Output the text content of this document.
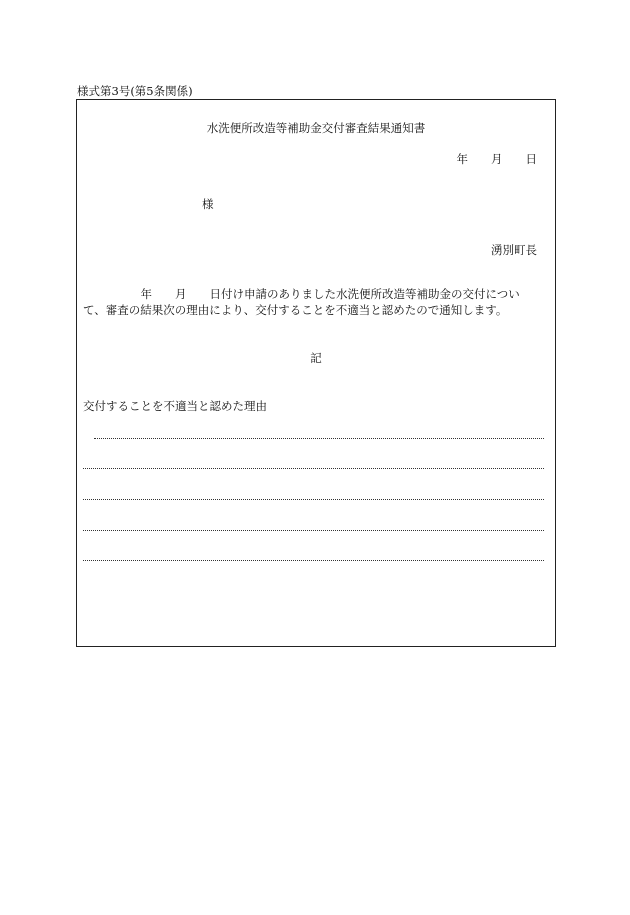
様式第3号(第5条関係)
水洗便所改造等補助金交付審査結果通知書
年　　月　　日
様
湧別町長
　　　　　年　　月　　日付け申請のありました水洗便所改造等補助金の交付につい
て、審査の結果次の理由により、交付することを不適当と認めたので通知します。
記
交付することを不適当と認めた理由
